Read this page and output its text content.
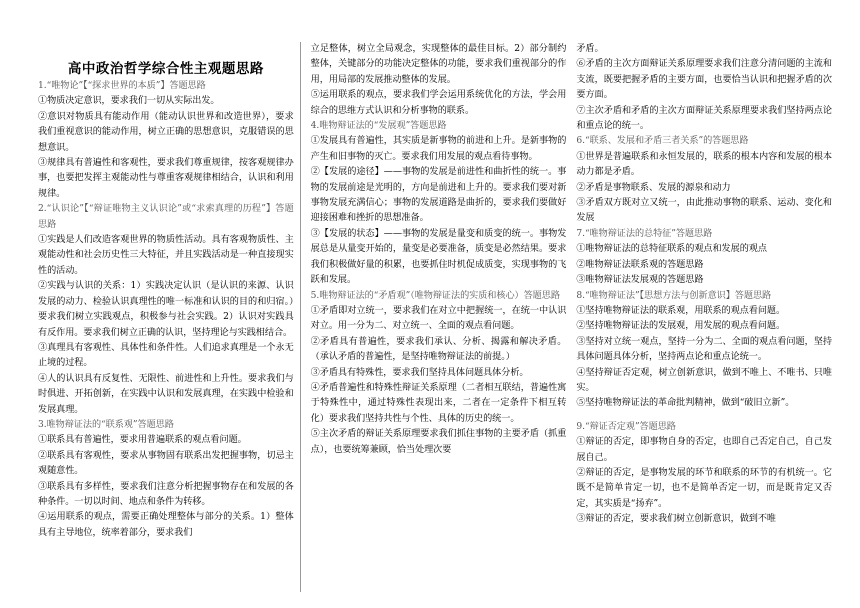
高中政治哲学综合性主观题思路
1.“唯物论”【“探求世界的本质”】答题思路
①物质决定意识，要求我们一切从实际出发。
②意识对物质具有能动作用（能动认识世界和改造世界），要求我们重视意识的能动作用，树立正确的思想意识，克服错误的思想意识。
③规律具有普遍性和客观性，要求我们尊重规律，按客观规律办事，也要把发挥主观能动性与尊重客观规律相结合，认识和利用规律。
2.“认识论”【“辩证唯物主义认识论”或“求索真理的历程”】答题思路
①实践是人们改造客观世界的物质性活动。具有客观物质性、主观能动性和社会历史性三大特征，并且实践活动是一种直接现实性的活动。
②实践与认识的关系：1）实践决定认识（是认识的来源、认识发展的动力、检验认识真理性的唯一标准和认识的目的和归宿。）要求我们树立实践观点，积极参与社会实践。2）认识对实践具有反作用。要求我们树立正确的认识，坚持理论与实践相结合。
③真理具有客观性、具体性和条件性。人们追求真理是一个永无止境的过程。
④人的认识具有反复性、无限性、前进性和上升性。要求我们与时俱进、开拓创新，在实践中认识和发展真理，在实践中检验和发展真理。
3.唯物辩证法的“联系观”答题思路
①联系具有普遍性，要求用普遍联系的观点看问题。
②联系具有客观性，要求从事物固有联系出发把握事物，切忌主观随意性。
③联系具有多样性，要求我们注意分析把握事物存在和发展的各种条件。一切以时间、地点和条件为转移。
④运用联系的观点，需要正确处理整体与部分的关系。1）整体具有主导地位，统率着部分，要求我们
立足整体，树立全局观念，实现整体的最佳目标。2）部分制约整体，关键部分的功能决定整体的功能，要求我们重视部分的作用，用局部的发展推动整体的发展。
⑤运用联系的观点，要求我们学会运用系统优化的方法，学会用综合的思维方式认识和分析事物的联系。
4.唯物辩证法的“发展观”答题思路
①发展具有普遍性，其实质是新事物的前进和上升。是新事物的产生和旧事物的灭亡。要求我们用发展的观点看待事物。
②【发展的途径】——事物的发展是前进性和曲折性的统一。事物的发展前途是光明的，方向是前进和上升的。要求我们要对新事物发展充满信心；事物的发展道路是曲折的，要求我们要做好迎接困难和挫折的思想准备。
③【发展的状态】——事物的发展是量变和质变的统一。事物发展总是从量变开始的，量变是必要准备，质变是必然结果。要求我们积极做好量的积累，也要抓住时机促成质变，实现事物的飞跃和发展。
5.唯物辩证法的“矛盾观”（唯物辩证法的实质和核心）答题思路
①矛盾即对立统一，要求我们在对立中把握统一，在统一中认识对立。用一分为二、对立统一、全面的观点看问题。
②矛盾具有普遍性，要求我们承认、分析、揭露和解决矛盾。（承认矛盾的普遍性，是坚持唯物辩证法的前提。）
③矛盾具有特殊性，要求我们坚持具体问题具体分析。
④矛盾普遍性和特殊性辩证关系原理（二者相互联结，普遍性寓于特殊性中，通过特殊性表现出来，二者在一定条件下相互转化）要求我们坚持共性与个性、具体的历史的统一。
⑤主次矛盾的辩证关系原理要求我们抓住事物的主要矛盾（抓重点），也要统筹兼顾，恰当处理次要
矛盾。
⑥矛盾的主次方面辩证关系原理要求我们注意分清问题的主流和支流，既要把握矛盾的主要方面，也要恰当认识和把握矛盾的次要方面。
⑦主次矛盾和矛盾的主次方面辩证关系原理要求我们坚持两点论和重点论的统一。
6.“联系、发展和矛盾三者关系”的答题思路
①世界是普遍联系和永恒发展的，联系的根本内容和发展的根本动力都是矛盾。
②矛盾是事物联系、发展的源泉和动力
③矛盾双方既对立又统一，由此推动事物的联系、运动、变化和发展
7.“唯物辩证法的总特征”答题思路
①唯物辩证法的总特征联系的观点和发展的观点
②唯物辩证法联系观的答题思路
③唯物辩证法发展观的答题思路
8.“唯物辩证法”【思想方法与创新意识】答题思路
①坚持唯物辩证法的联系观，用联系的观点看问题。
②坚持唯物辩证法的发展观，用发展的观点看问题。
③坚持对立统一观点，坚持一分为二、全面的观点看问题，坚持具体问题具体分析，坚持两点论和重点论统一。
④坚持辩证否定观，树立创新意识，做到不唯上、不唯书、只唯实。
⑤坚持唯物辩证法的革命批判精神，做到“破旧立新”。
9.“辩证否定观”答题思路
①辩证的否定，即事物自身的否定，也即自己否定自己，自己发展自己。
②辩证的否定，是事物发展的环节和联系的环节的有机统一。它既不是简单肯定一切，也不是简单否定一切，而是既肯定又否定，其实质是“扬弃”。
③辩证的否定，要求我们树立创新意识，做到不唯
